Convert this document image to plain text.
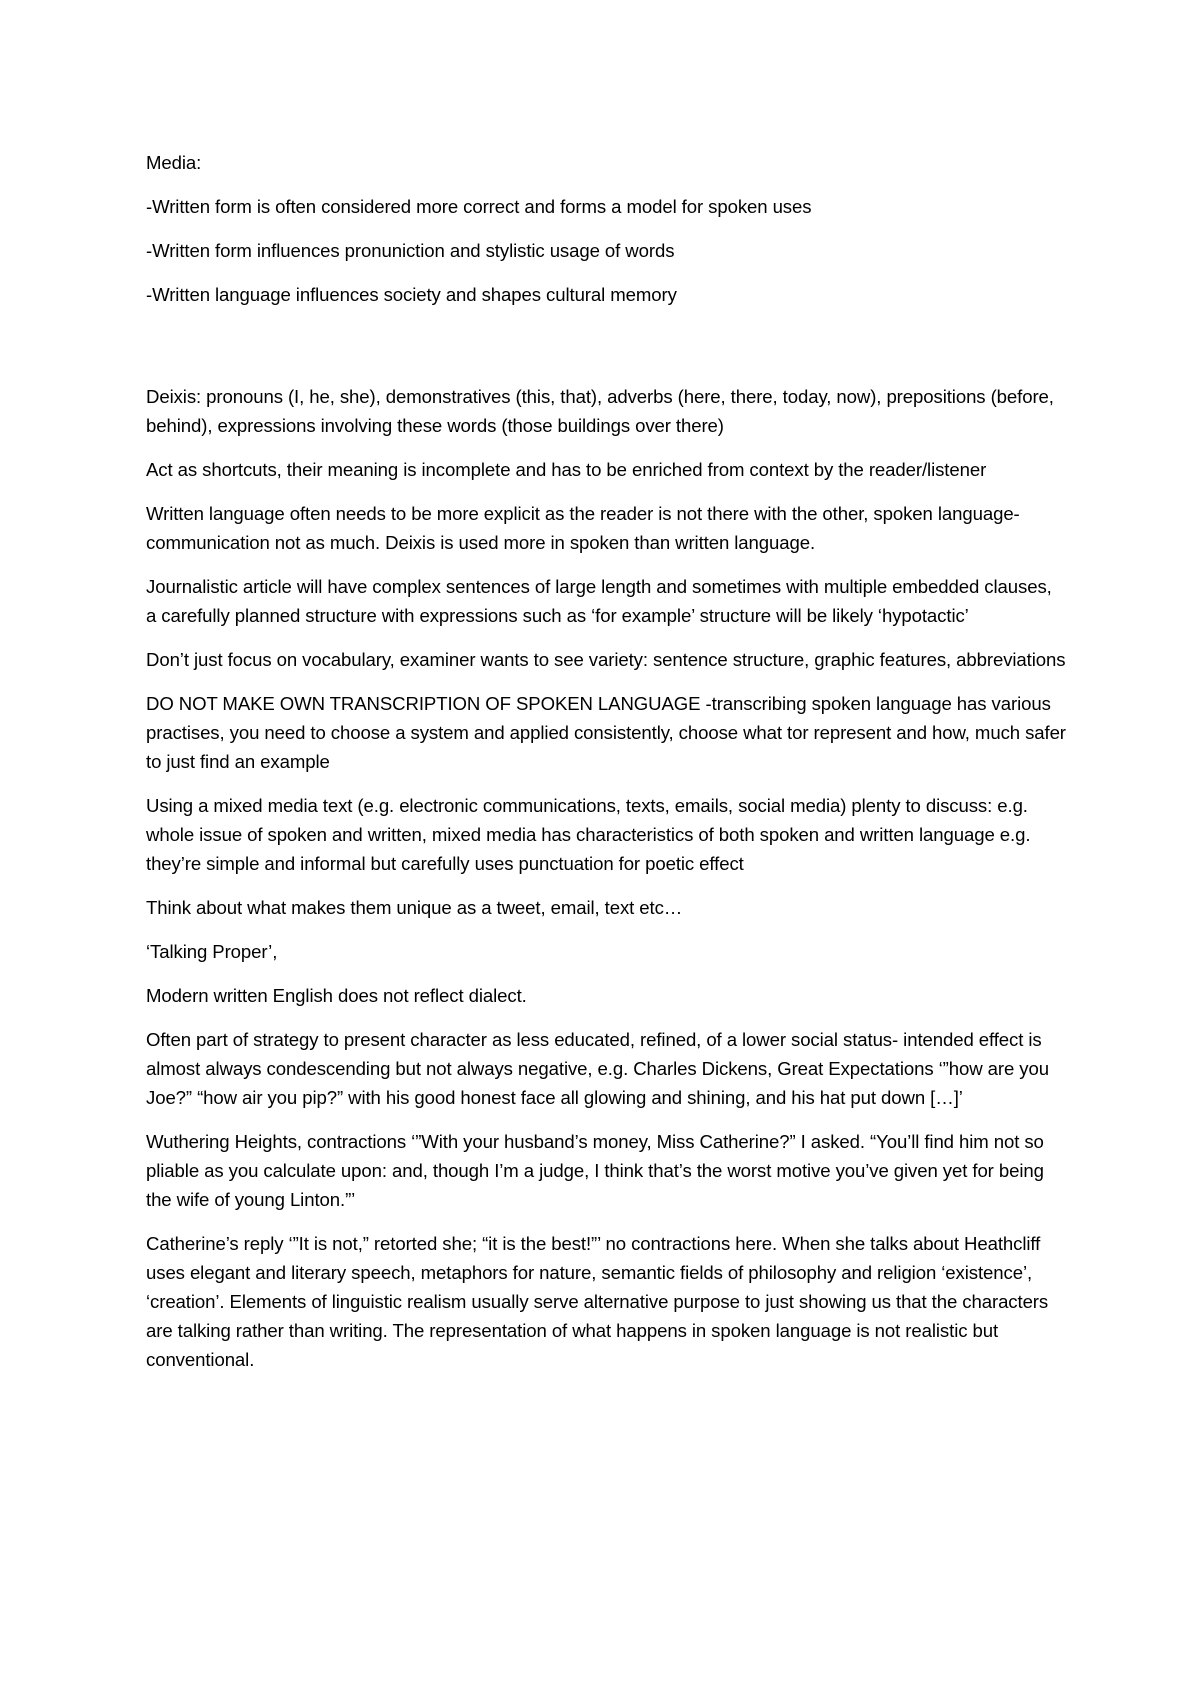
Media:

-Written form is often considered more correct and forms a model for spoken uses

-Written form influences pronuniction and stylistic usage of words

-Written language influences society and shapes cultural memory

Deixis: pronouns (I, he, she), demonstratives (this, that), adverbs (here, there, today, now), prepositions (before, behind), expressions involving these words (those buildings over there)

Act as shortcuts, their meaning is incomplete and has to be enriched from context by the reader/listener

Written language often needs to be more explicit as the reader is not there with the other, spoken language-communication not as much. Deixis is used more in spoken than written language.

Journalistic article will have complex sentences of large length and sometimes with multiple embedded clauses, a carefully planned structure with expressions such as ‘for example’ structure will be likely ‘hypotactic’

Don’t just focus on vocabulary, examiner wants to see variety: sentence structure, graphic features, abbreviations

DO NOT MAKE OWN TRANSCRIPTION OF SPOKEN LANGUAGE -transcribing spoken language has various practises, you need to choose a system and applied consistently, choose what tor represent and how, much safer to just find an example

Using a mixed media text (e.g. electronic communications, texts, emails, social media) plenty to discuss: e.g. whole issue of spoken and written, mixed media has characteristics of both spoken and written language e.g. they’re simple and informal but carefully uses punctuation for poetic effect

Think about what makes them unique as a tweet, email, text etc…

‘Talking Proper’,

Modern written English does not reflect dialect.

Often part of strategy to present character as less educated, refined, of a lower social status- intended effect is almost always condescending but not always negative, e.g. Charles Dickens, Great Expectations ‘”how are you Joe?” “how air you pip?” with his good honest face all glowing and shining, and his hat put down […]’

Wuthering Heights, contractions ‘”With your husband’s money, Miss Catherine?” I asked. “You’ll find him not so pliable as you calculate upon: and, though I’m a judge, I think that’s the worst motive you’ve given yet for being the wife of young Linton.”’

Catherine’s reply ‘”It is not,” retorted she; “it is the best!”’ no contractions here. When she talks about Heathcliff uses elegant and literary speech, metaphors for nature, semantic fields of philosophy and religion ‘existence’, ‘creation’. Elements of linguistic realism usually serve alternative purpose to just showing us that the characters are talking rather than writing. The representation of what happens in spoken language is not realistic but conventional.
